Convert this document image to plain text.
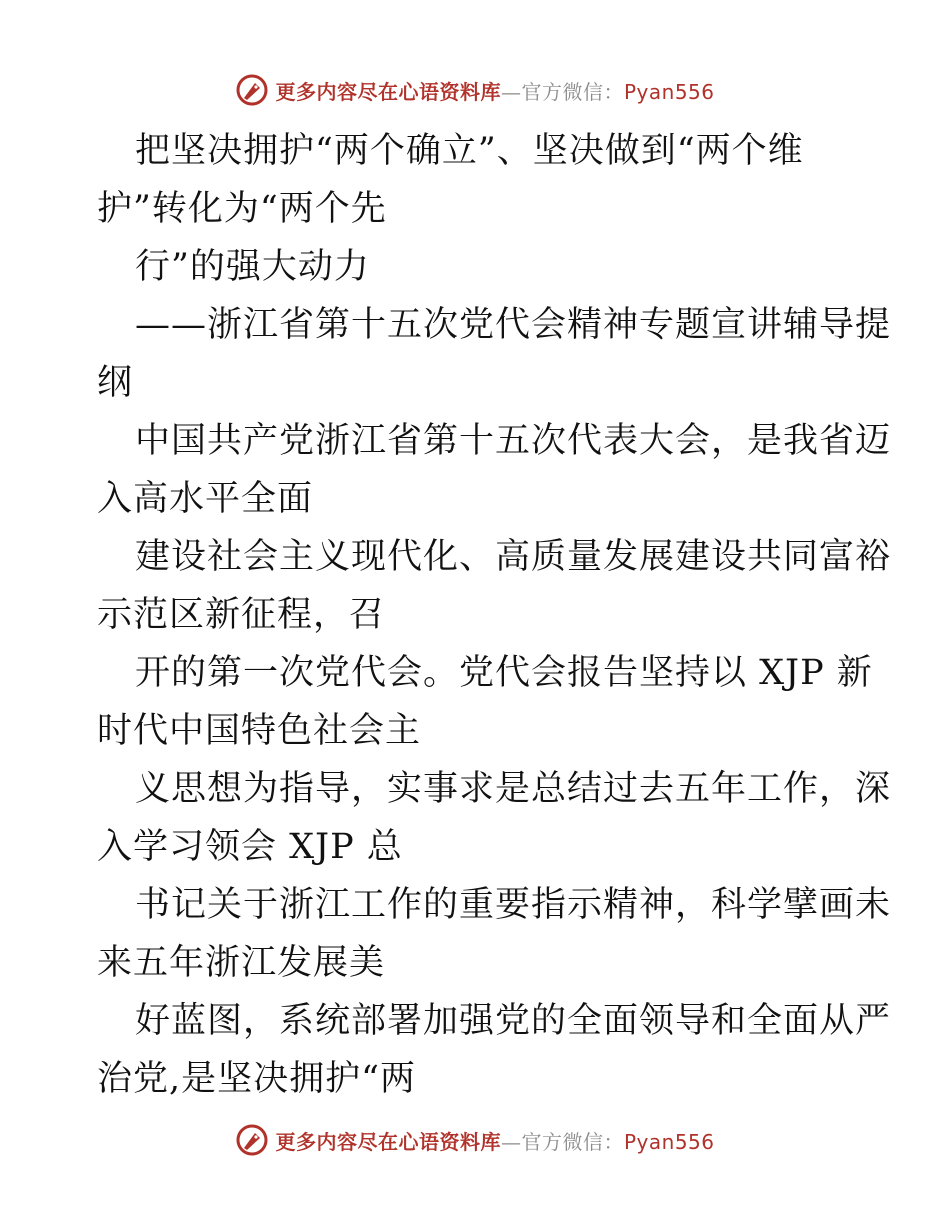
更多内容尽在心语资料库—官方微信：Pyan556
把坚决拥护“两个确立”、坚决做到“两个维
护”转化为“两个先
行”的强大动力
——浙江省第十五次党代会精神专题宣讲辅导提
纲
中国共产党浙江省第十五次代表大会，是我省迈
入高水平全面
建设社会主义现代化、高质量发展建设共同富裕
示范区新征程，召
开的第一次党代会。党代会报告坚持以 XJP 新
时代中国特色社会主
义思想为指导，实事求是总结过去五年工作，深
入学习领会 XJP 总
书记关于浙江工作的重要指示精神，科学擘画未
来五年浙江发展美
好蓝图，系统部署加强党的全面领导和全面从严
治党,是坚决拥护“两
更多内容尽在心语资料库—官方微信：Pyan556
